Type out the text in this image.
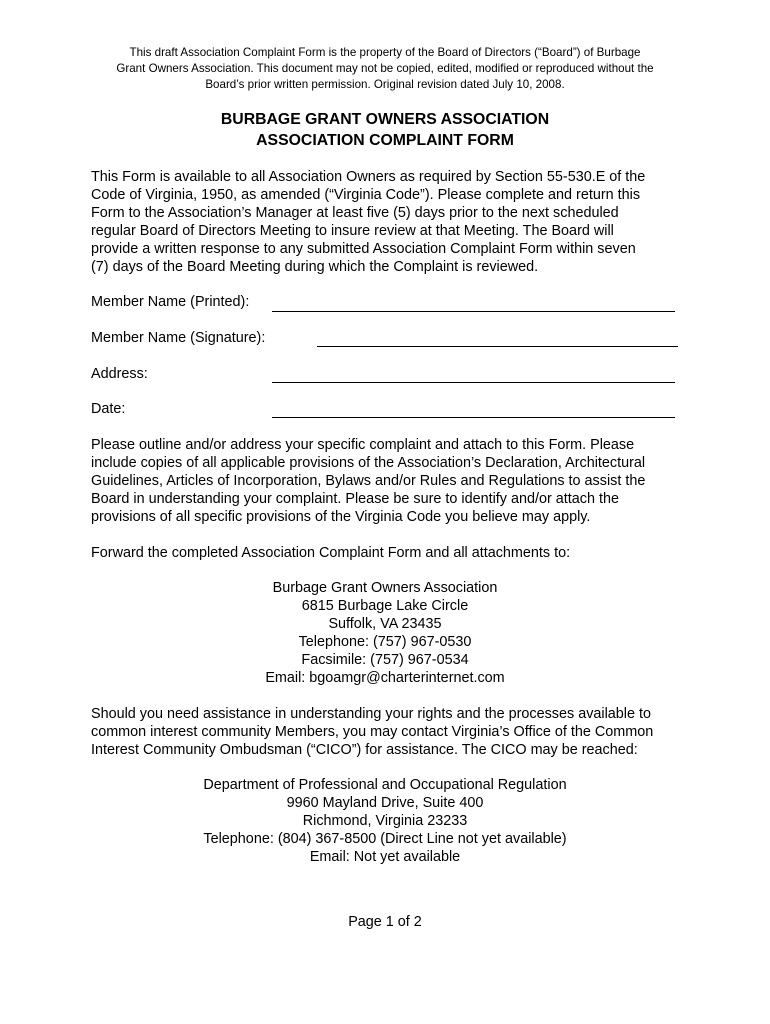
This draft Association Complaint Form is the property of the Board of Directors (“Board”) of Burbage
Grant Owners Association. This document may not be copied, edited, modified or reproduced without the
Board’s prior written permission. Original revision dated July 10, 2008.
BURBAGE GRANT OWNERS ASSOCIATION
ASSOCIATION COMPLAINT FORM
This Form is available to all Association Owners as required by Section 55-530.E of the
Code of Virginia, 1950, as amended (“Virginia Code”). Please complete and return this
Form to the Association’s Manager at least five (5) days prior to the next scheduled
regular Board of Directors Meeting to insure review at that Meeting. The Board will
provide a written response to any submitted Association Complaint Form within seven
(7) days of the Board Meeting during which the Complaint is reviewed.
Member Name (Printed):
Member Name (Signature):
Address:
Date:
Please outline and/or address your specific complaint and attach to this Form. Please
include copies of all applicable provisions of the Association’s Declaration, Architectural
Guidelines, Articles of Incorporation, Bylaws and/or Rules and Regulations to assist the
Board in understanding your complaint. Please be sure to identify and/or attach the
provisions of all specific provisions of the Virginia Code you believe may apply.
Forward the completed Association Complaint Form and all attachments to:
Burbage Grant Owners Association
6815 Burbage Lake Circle
Suffolk, VA 23435
Telephone: (757) 967-0530
Facsimile: (757) 967-0534
Email: bgoamgr@charterinternet.com
Should you need assistance in understanding your rights and the processes available to
common interest community Members, you may contact Virginia’s Office of the Common
Interest Community Ombudsman (“CICO”) for assistance. The CICO may be reached:
Department of Professional and Occupational Regulation
9960 Mayland Drive, Suite 400
Richmond, Virginia 23233
Telephone: (804) 367-8500 (Direct Line not yet available)
Email: Not yet available
Page 1 of 2
